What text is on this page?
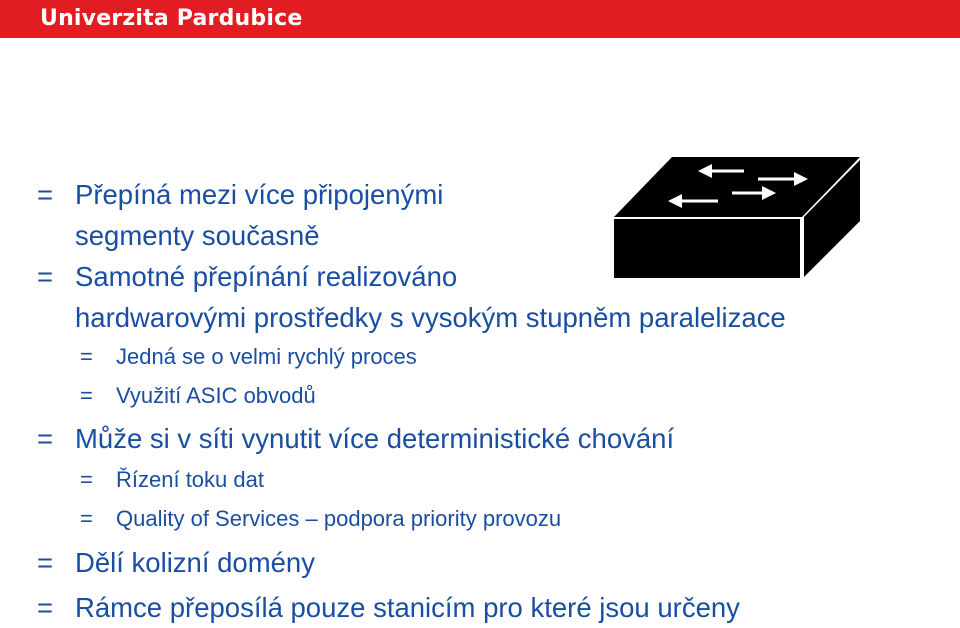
Univerzita Pardubice
= Přepíná mezi více připojenými
segmenty současně
= Samotné přepínání realizováno
hardwarovými prostředky s vysokým stupněm paralelizace
= Jedná se o velmi rychlý proces
= Využití ASIC obvodů
= Může si v síti vynutit více deterministické chování
= Řízení toku dat
= Quality of Services – podpora priority provozu
= Dělí kolizní domény
= Rámce přeposílá pouze stanicím pro které jsou určeny
